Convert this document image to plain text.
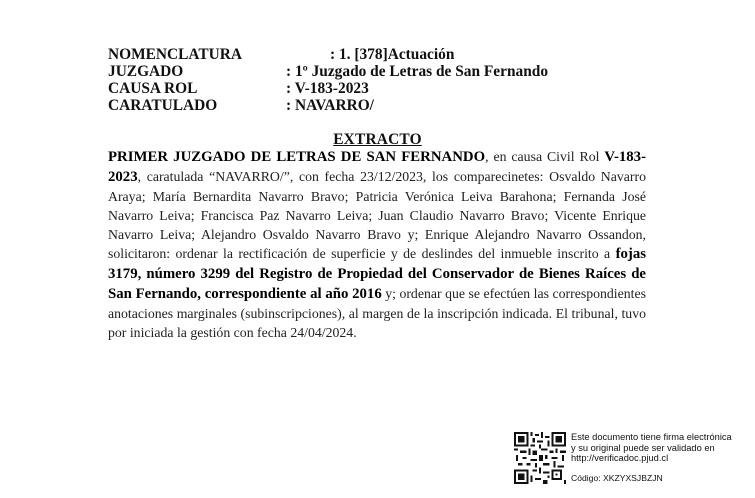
NOMENCLATURA	: 1. [378]Actuación
JUZGADO	: 1º Juzgado de Letras de San Fernando
CAUSA ROL	: V-183-2023
CARATULADO	: NAVARRO/
EXTRACTO
PRIMER JUZGADO DE LETRAS DE SAN FERNANDO, en causa Civil Rol V-183-2023, caratulada “NAVARRO/”, con fecha 23/12/2023, los comparecinetes: Osvaldo Navarro Araya; María Bernardita Navarro Bravo; Patricia Verónica Leiva Barahona; Fernanda José Navarro Leiva; Francisca Paz Navarro Leiva; Juan Claudio Navarro Bravo; Vicente Enrique Navarro Leiva; Alejandro Osvaldo Navarro Bravo y; Enrique Alejandro Navarro Ossandon, solicitaron: ordenar la rectificación de superficie y de deslindes del inmueble inscrito a fojas 3179, número 3299 del Registro de Propiedad del Conservador de Bienes Raíces de San Fernando, correspondiente al año 2016 y; ordenar que se efectúen las correspondientes anotaciones marginales (subinscripciones), al margen de la inscripción indicada. El tribunal, tuvo por iniciada la gestión con fecha 24/04/2024.
Este documento tiene firma electrónica
y su original puede ser validado en
http://verificadoc.pjud.cl
Código: XKZYXSJBZJN
